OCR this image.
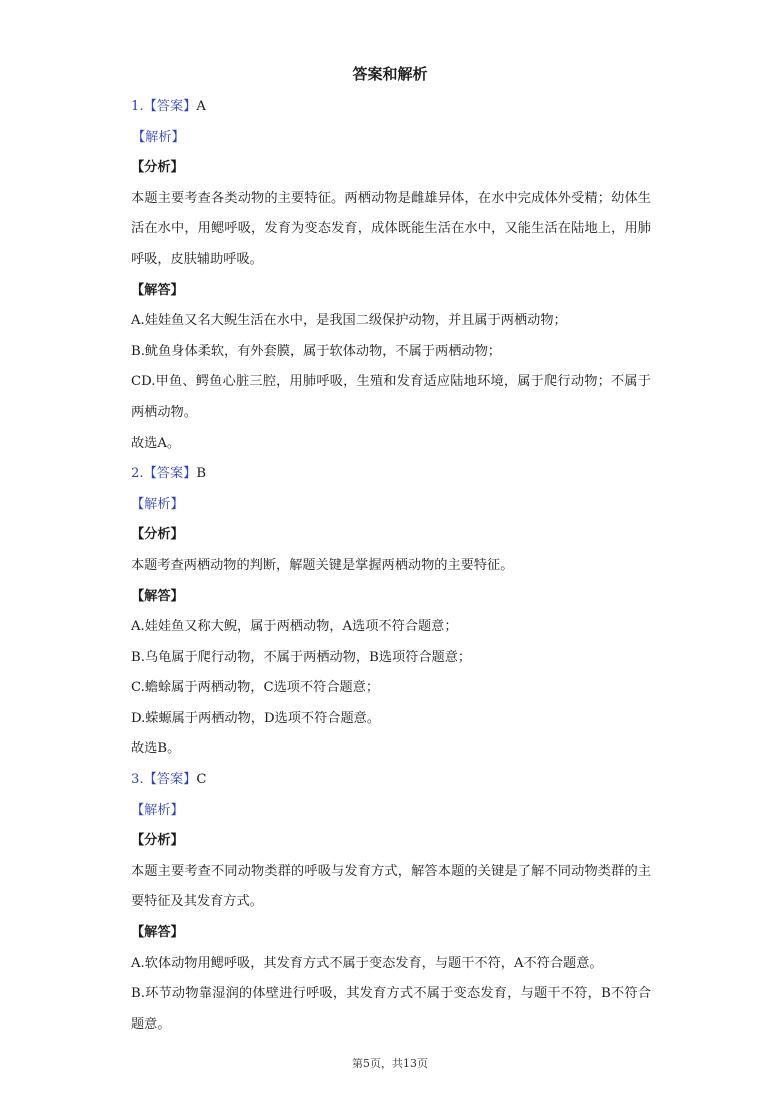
答案和解析
1.【答案】A
【解析】
【分析】
本题主要考查各类动物的主要特征。两栖动物是雌雄异体，在水中完成体外受精；幼体生活在水中，用鳃呼吸，发育为变态发育，成体既能生活在水中，又能生活在陆地上，用肺呼吸，皮肤辅助呼吸。
【解答】
A.娃娃鱼又名大鲵生活在水中，是我国二级保护动物，并且属于两栖动物；
B.鱿鱼身体柔软，有外套膜，属于软体动物，不属于两栖动物；
CD.甲鱼、鳄鱼心脏三腔，用肺呼吸，生殖和发育适应陆地环境，属于爬行动物；不属于两栖动物。
故选A。
2.【答案】B
【解析】
【分析】
本题考查两栖动物的判断，解题关键是掌握两栖动物的主要特征。
【解答】
A.娃娃鱼又称大鲵，属于两栖动物，A选项不符合题意；
B.乌龟属于爬行动物，不属于两栖动物，B选项符合题意；
C.蟾蜍属于两栖动物，C选项不符合题意；
D.蝾螈属于两栖动物，D选项不符合题意。
故选B。
3.【答案】C
【解析】
【分析】
本题主要考查不同动物类群的呼吸与发育方式，解答本题的关键是了解不同动物类群的主要特征及其发育方式。
【解答】
A.软体动物用鳃呼吸，其发育方式不属于变态发育，与题干不符，A不符合题意。
B.环节动物靠湿润的体壁进行呼吸，其发育方式不属于变态发育，与题干不符，B不符合题意。
第5页，共13页
